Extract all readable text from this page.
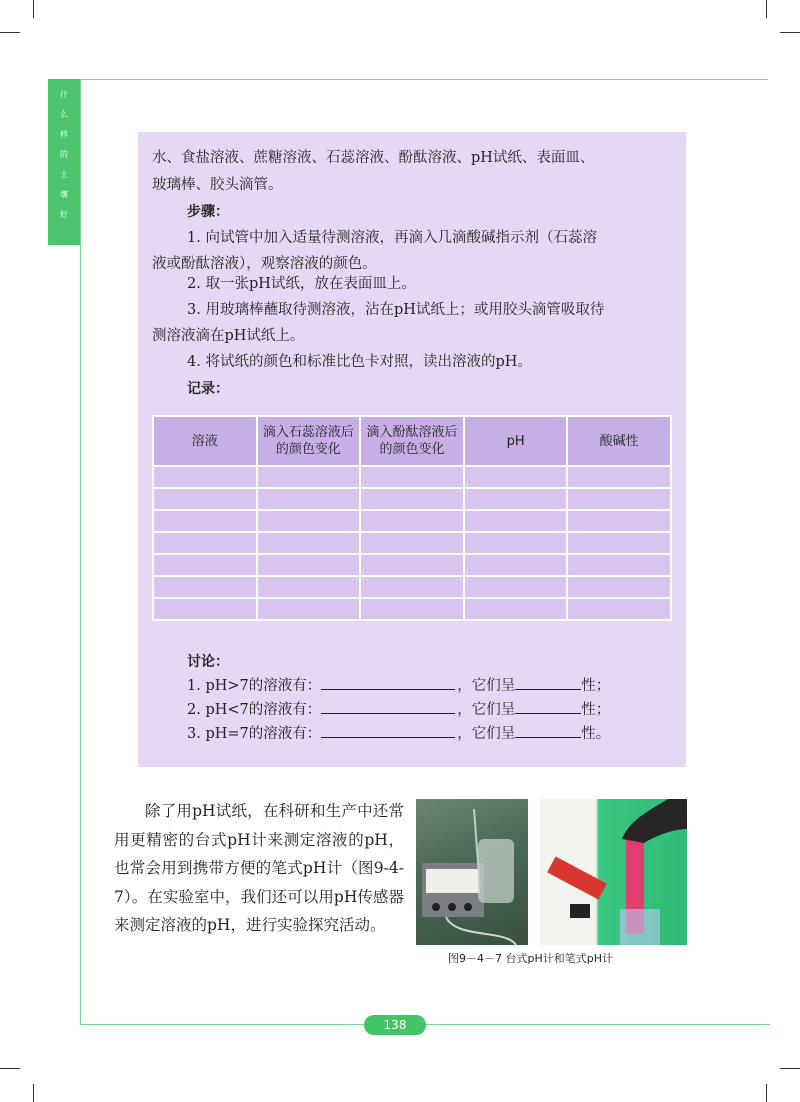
什
么
样
的
土
壤
好
水、食盐溶液、蔗糖溶液、石蕊溶液、酚酞溶液、pH试纸、表面皿、
玻璃棒、胶头滴管。
步骤：
1. 向试管中加入适量待测溶液，再滴入几滴酸碱指示剂（石蕊溶
液或酚酞溶液），观察溶液的颜色。
2. 取一张pH试纸，放在表面皿上。
3. 用玻璃棒蘸取待测溶液，沾在pH试纸上；或用胶头滴管吸取待
测溶液滴在pH试纸上。
4. 将试纸的颜色和标准比色卡对照，读出溶液的pH。
记录：
溶液	滴入石蕊溶液后的颜色变化	滴入酚酞溶液后的颜色变化	pH	酸碱性

讨论：
1. pH>7的溶液有：	，它们呈	性；
2. pH<7的溶液有：	，它们呈	性；
3. pH=7的溶液有：	，它们呈	性。

除了用pH试纸，在科研和生产中还常用更精密的台式pH计来测定溶液的pH，也常会用到携带方便的笔式pH计（图9-4-7）。在实验室中，我们还可以用pH传感器来测定溶液的pH，进行实验探究活动。

图9－4－7 台式pH计和笔式pH计
138
